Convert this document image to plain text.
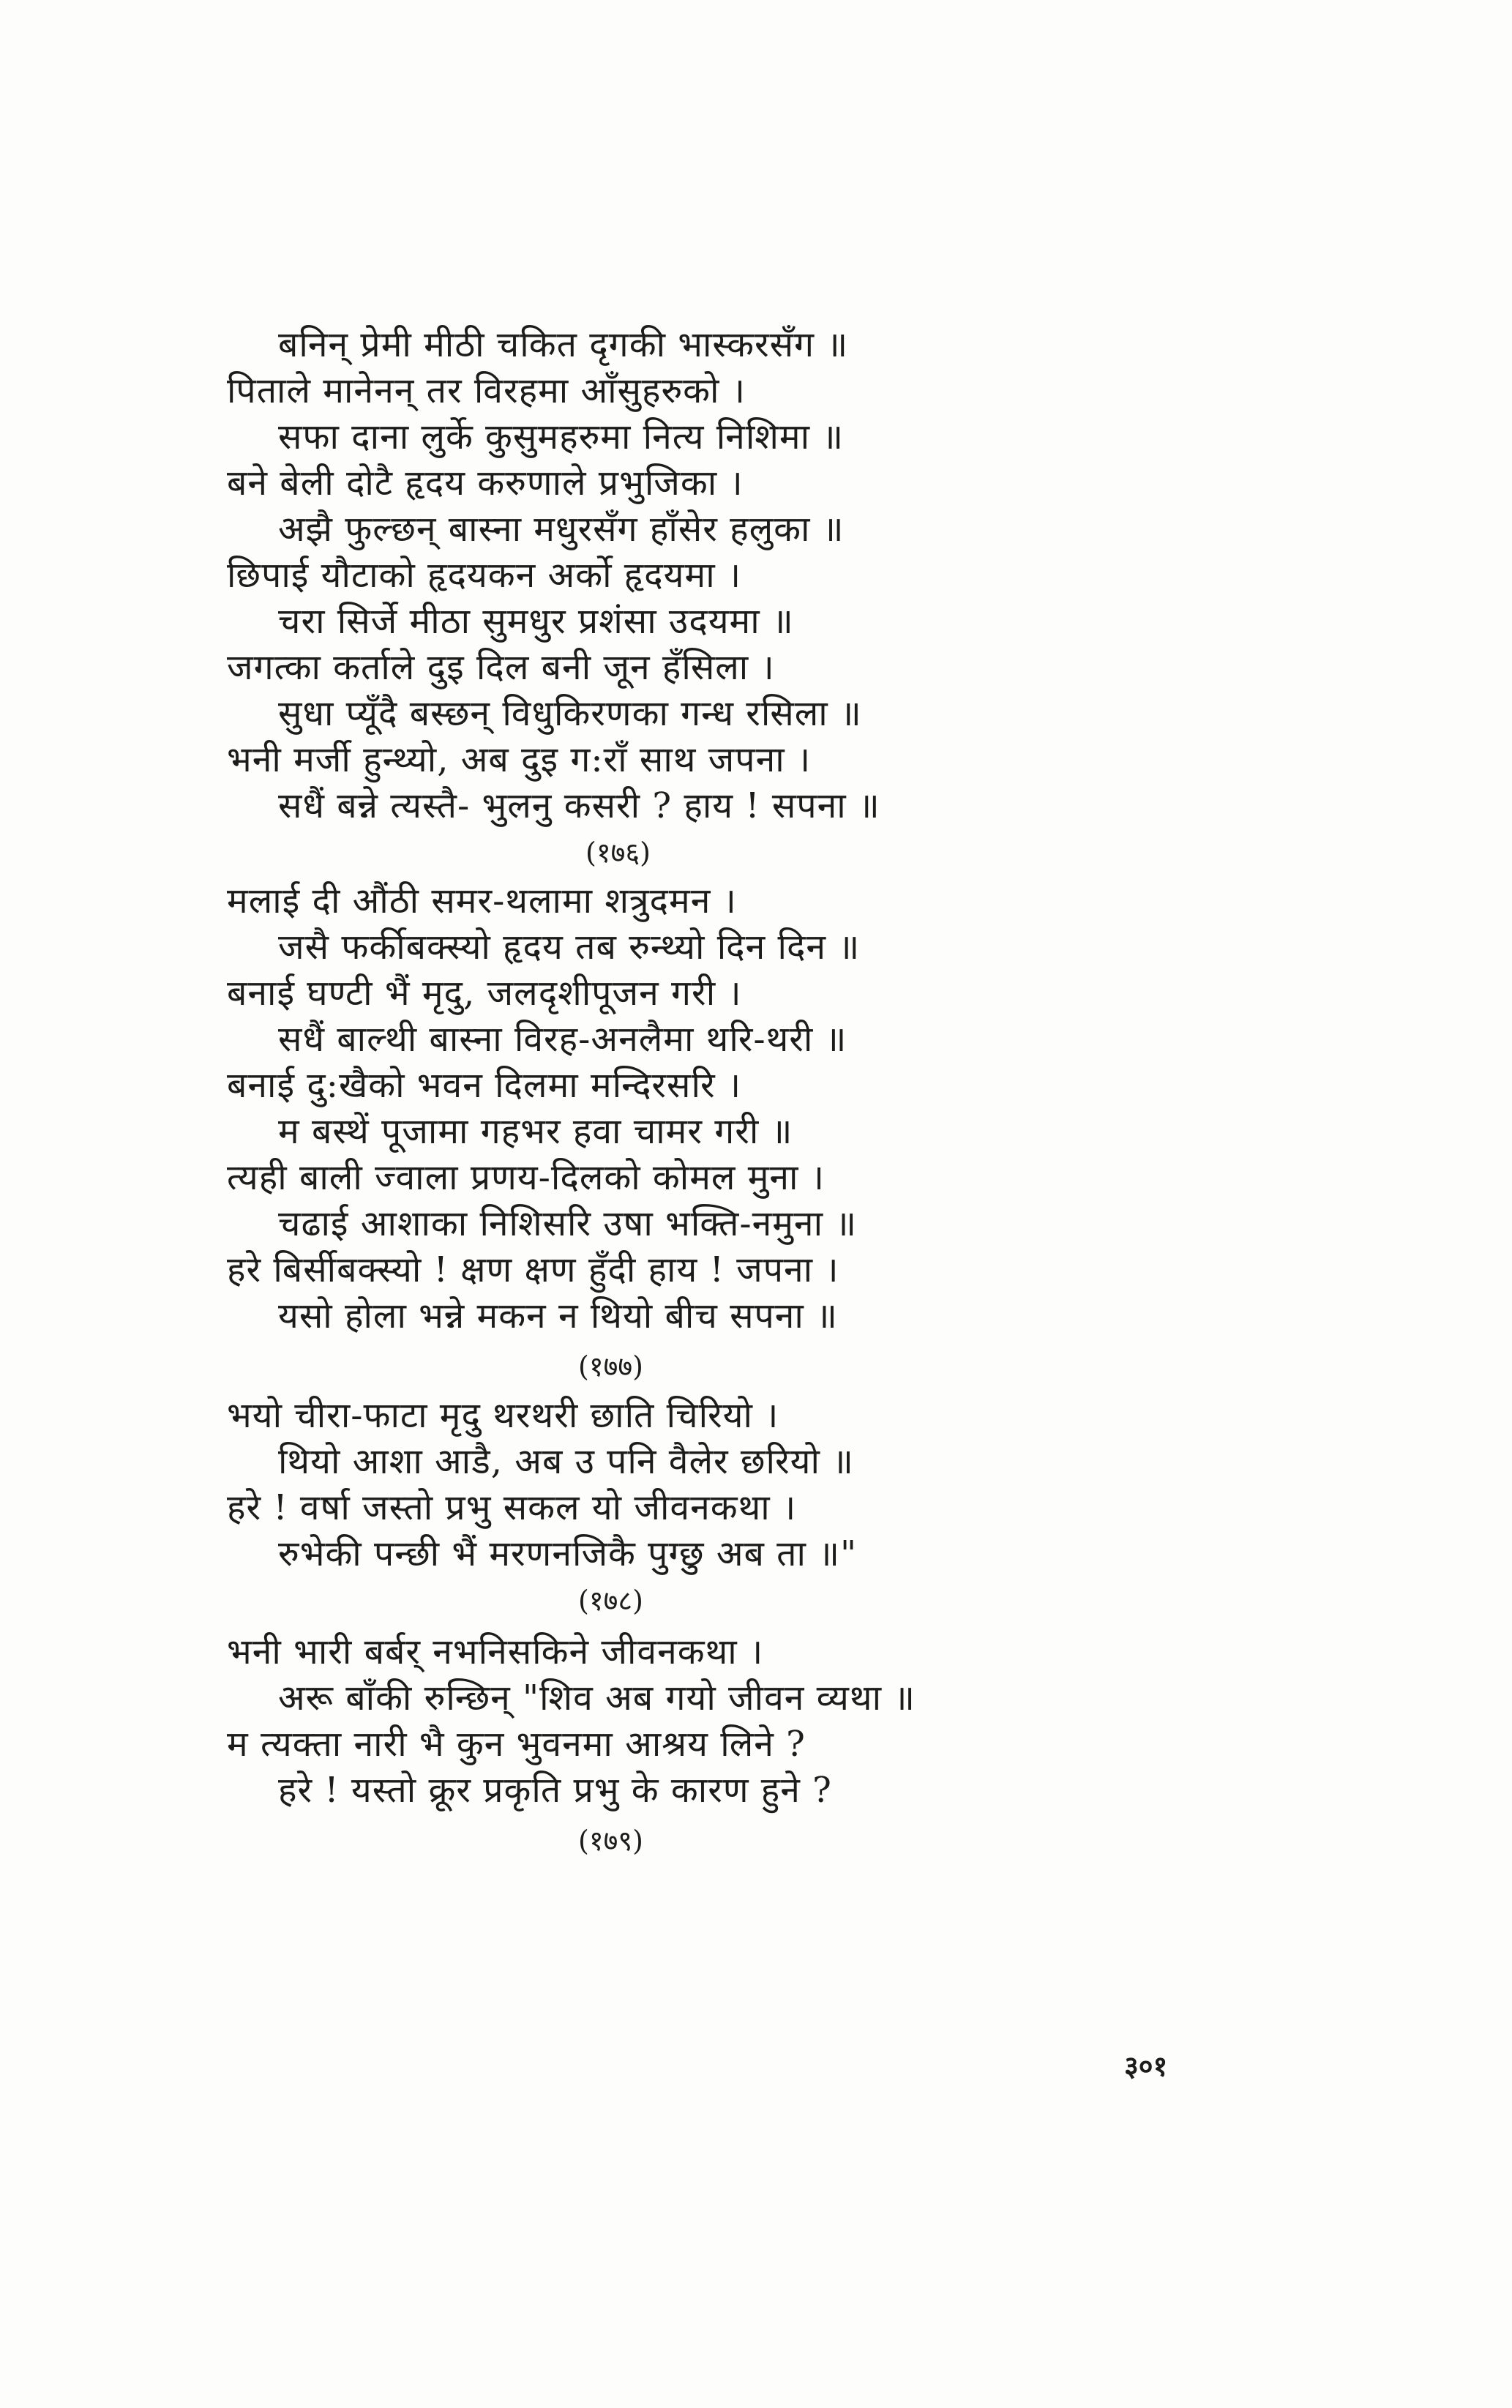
बनिन् प्रेमी मीठी चकित दृगकी भास्करसँग ॥
पिताले मानेनन् तर विरहमा आँसुहरुको ।
सफा दाना लुर्के कुसुमहरुमा नित्य निशिमा ॥
बने बेली दोटै हृदय करुणाले प्रभुजिका ।
अझै फुल्छन् बास्ना मधुरसँग हाँसेर हलुका ॥
छिपाई यौटाको हृदयकन अर्को हृदयमा ।
चरा सिर्जे मीठा सुमधुर प्रशंसा उदयमा ॥
जगत्का कर्ताले दुइ दिल बनी जून हँसिला ।
सुधा प्यूँदै बस्छन् विधुकिरणका गन्ध रसिला ॥
भनी मर्जी हुन्थ्यो, अब दुइ ग:राँ साथ जपना ।
सधैं बन्ने त्यस्तै- भुलनु कसरी ? हाय ! सपना ॥
(१७६)
मलाई दी औंठी समर-थलामा शत्रुदमन ।
जसै फर्कीबक्स्यो हृदय तब रुन्थ्यो दिन दिन ॥
बनाई घण्टी भैं मृदु, जलदृशीपूजन गरी ।
सधैं बाल्थी बास्ना विरह-अनलैमा थरि-थरी ॥
बनाई दु:खैको भवन दिलमा मन्दिरसरि ।
म बस्थें पूजामा गहभर हवा चामर गरी ॥
त्यही बाली ज्वाला प्रणय-दिलको कोमल मुना ।
चढाई आशाका निशिसरि उषा भक्ति-नमुना ॥
हरे बिर्सीबक्स्यो ! क्षण क्षण हुँदी हाय ! जपना ।
यसो होला भन्ने मकन न थियो बीच सपना ॥
(१७७)
भयो चीरा-फाटा मृदु थरथरी छाति चिरियो ।
थियो आशा आडै, अब उ पनि वैलेर छरियो ॥
हरे ! वर्षा जस्तो प्रभु सकल यो जीवनकथा ।
रुभेकी पन्छी भैं मरणनजिकै पुग्छु अब ता ॥"
(१७८)
भनी भारी बर्बर् नभनिसकिने जीवनकथा ।
अरू बाँकी रुन्छिन् "शिव अब गयो जीवन व्यथा ॥
म त्यक्ता नारी भै कुन भुवनमा आश्रय लिने ?
हरे ! यस्तो क्रूर प्रकृति प्रभु के कारण हुने ?
(१७९)
३०१
